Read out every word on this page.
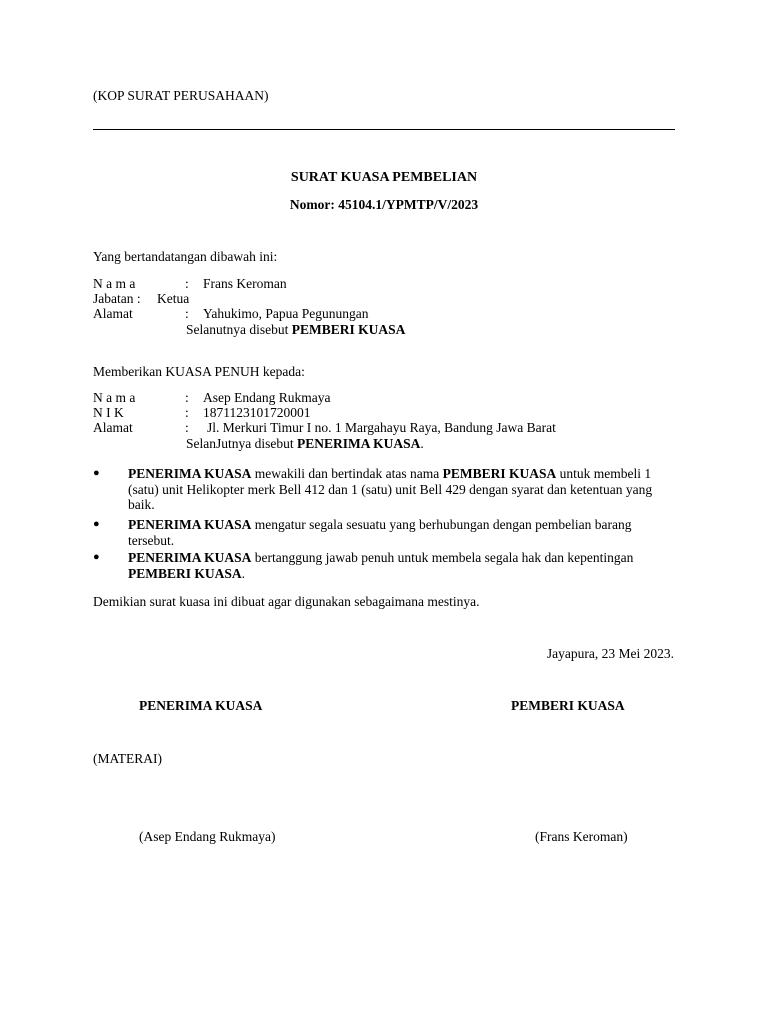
(KOP SURAT PERUSAHAAN)
SURAT KUASA PEMBELIAN
Nomor: 45104.1/YPMTP/V/2023
Yang bertandatangan dibawah ini:
N a m a	: Frans Keroman
Jabatan : Ketua
Alamat	: Yahukimo, Papua Pegunungan
Selanutnya disebut PEMBERI KUASA
Memberikan KUASA PENUH kepada:
N a m a	: Asep Endang Rukmaya
N I K	: 1871123101720001
Alamat	: Jl. Merkuri Timur I no. 1 Margahayu Raya, Bandung Jawa Barat
SelanJutnya disebut PENERIMA KUASA.
● PENERIMA KUASA mewakili dan bertindak atas nama PEMBERI KUASA untuk membeli 1 (satu) unit Helikopter merk Bell 412 dan 1 (satu) unit Bell 429 dengan syarat dan ketentuan yang baik.
● PENERIMA KUASA mengatur segala sesuatu yang berhubungan dengan pembelian barang tersebut.
● PENERIMA KUASA bertanggung jawab penuh untuk membela segala hak dan kepentingan PEMBERI KUASA.
Demikian surat kuasa ini dibuat agar digunakan sebagaimana mestinya.
Jayapura, 23 Mei 2023.
PENERIMA KUASA	PEMBERI KUASA
(MATERAI)
(Asep Endang Rukmaya)	(Frans Keroman)
